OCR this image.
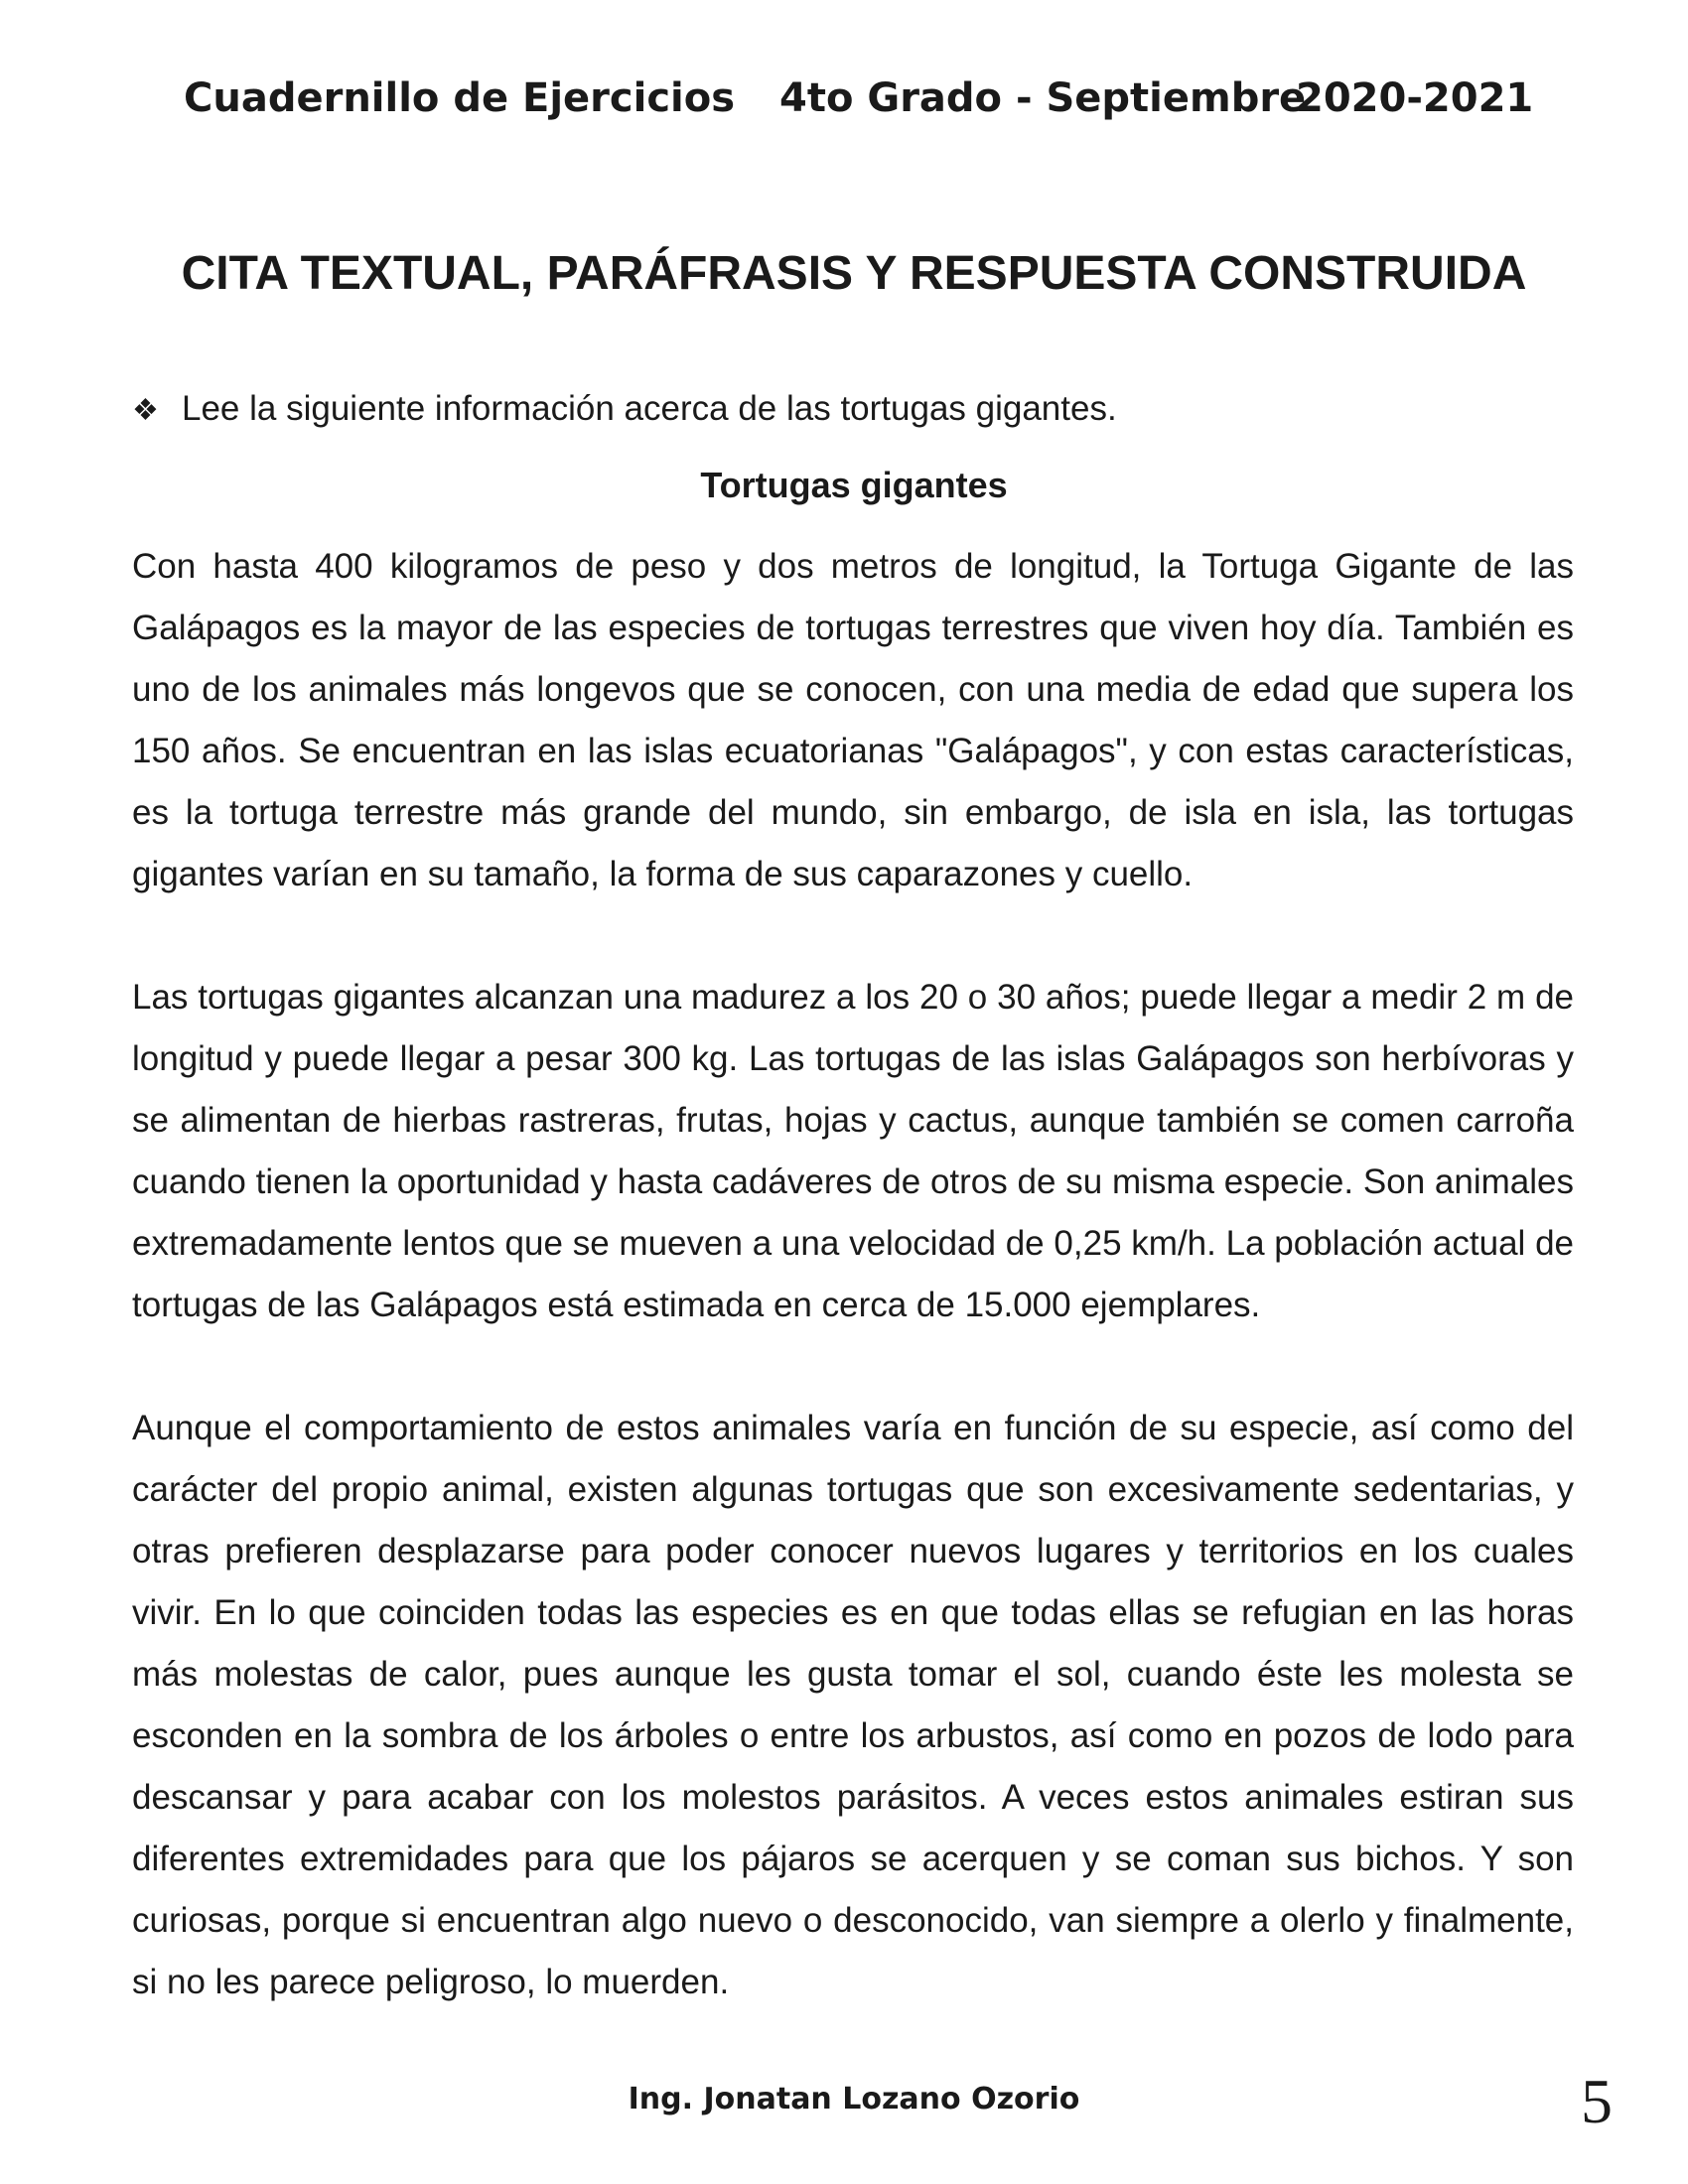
Cuadernillo de Ejercicios 4to Grado - Septiembre2020-2021
CITA TEXTUAL, PARÁFRASIS Y RESPUESTA CONSTRUIDA
❖ Lee la siguiente información acerca de las tortugas gigantes.
Tortugas gigantes

Con hasta 400 kilogramos de peso y dos metros de longitud, la Tortuga Gigante de las Galápagos es la mayor de las especies de tortugas terrestres que viven hoy día. También es uno de los animales más longevos que se conocen, con una media de edad que supera los 150 años. Se encuentran en las islas ecuatorianas "Galápagos", y con estas características, es la tortuga terrestre más grande del mundo, sin embargo, de isla en isla, las tortugas gigantes varían en su tamaño, la forma de sus caparazones y cuello.

Las tortugas gigantes alcanzan una madurez a los 20 o 30 años; puede llegar a medir 2 m de longitud y puede llegar a pesar 300 kg. Las tortugas de las islas Galápagos son herbívoras y se alimentan de hierbas rastreras, frutas, hojas y cactus, aunque también se comen carroña cuando tienen la oportunidad y hasta cadáveres de otros de su misma especie. Son animales extremadamente lentos que se mueven a una velocidad de 0,25 km/h. La población actual de tortugas de las Galápagos está estimada en cerca de 15.000 ejemplares.

Aunque el comportamiento de estos animales varía en función de su especie, así como del carácter del propio animal, existen algunas tortugas que son excesivamente sedentarias, y otras prefieren desplazarse para poder conocer nuevos lugares y territorios en los cuales vivir. En lo que coinciden todas las especies es en que todas ellas se refugian en las horas más molestas de calor, pues aunque les gusta tomar el sol, cuando éste les molesta se esconden en la sombra de los árboles o entre los arbustos, así como en pozos de lodo para descansar y para acabar con los molestos parásitos. A veces estos animales estiran sus diferentes extremidades para que los pájaros se acerquen y se coman sus bichos. Y son curiosas, porque si encuentran algo nuevo o desconocido, van siempre a olerlo y finalmente, si no les parece peligroso, lo muerden.

Ing. Jonatan Lozano Ozorio	5
